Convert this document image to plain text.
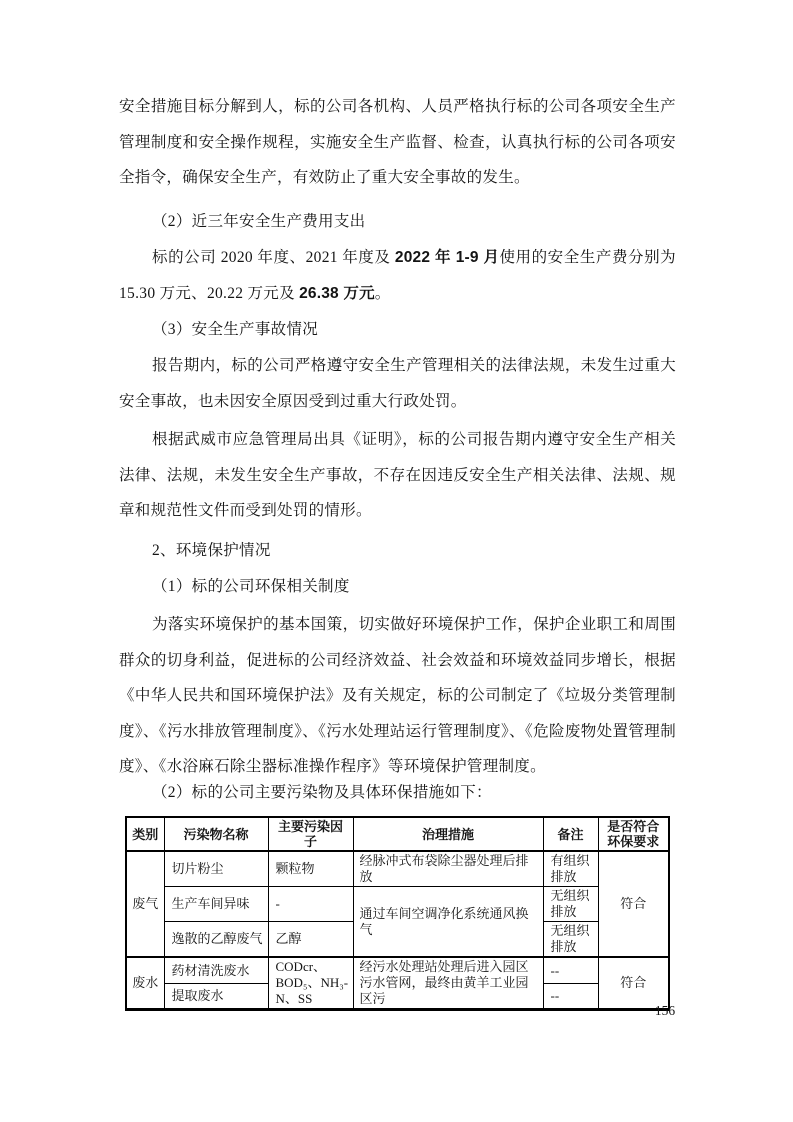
安全措施目标分解到人，标的公司各机构、人员严格执行标的公司各项安全生产管理制度和安全操作规程，实施安全生产监督、检查，认真执行标的公司各项安全指令，确保安全生产，有效防止了重大安全事故的发生。
（2）近三年安全生产费用支出
标的公司 2020 年度、2021 年度及 2022 年 1-9 月使用的安全生产费分别为 15.30 万元、20.22 万元及 26.38 万元。
（3）安全生产事故情况
报告期内，标的公司严格遵守安全生产管理相关的法律法规，未发生过重大安全事故，也未因安全原因受到过重大行政处罚。
根据武威市应急管理局出具《证明》，标的公司报告期内遵守安全生产相关法律、法规，未发生安全生产事故，不存在因违反安全生产相关法律、法规、规章和规范性文件而受到处罚的情形。
2、环境保护情况
（1）标的公司环保相关制度
为落实环境保护的基本国策，切实做好环境保护工作，保护企业职工和周围群众的切身利益，促进标的公司经济效益、社会效益和环境效益同步增长，根据《中华人民共和国环境保护法》及有关规定，标的公司制定了《垃圾分类管理制度》、《污水排放管理制度》、《污水处理站运行管理制度》、《危险废物处置管理制度》、《水浴麻石除尘器标准操作程序》等环境保护管理制度。
（2）标的公司主要污染物及具体环保措施如下：
类别	污染物名称	主要污染因子	治理措施	备注	是否符合环保要求
废气	切片粉尘	颗粒物	经脉冲式布袋除尘器处理后排放	有组织排放	符合
	生产车间异味	-	通过车间空调净化系统通风换气	无组织排放	
	逸散的乙醇废气	乙醇		无组织排放	
废水	药材清洗废水	CODcr、BOD₅、NH₃-N、SS	经污水处理站处理后进入园区污水管网，最终由黄羊工业园区污	--	符合
	提取废水			--	
156
